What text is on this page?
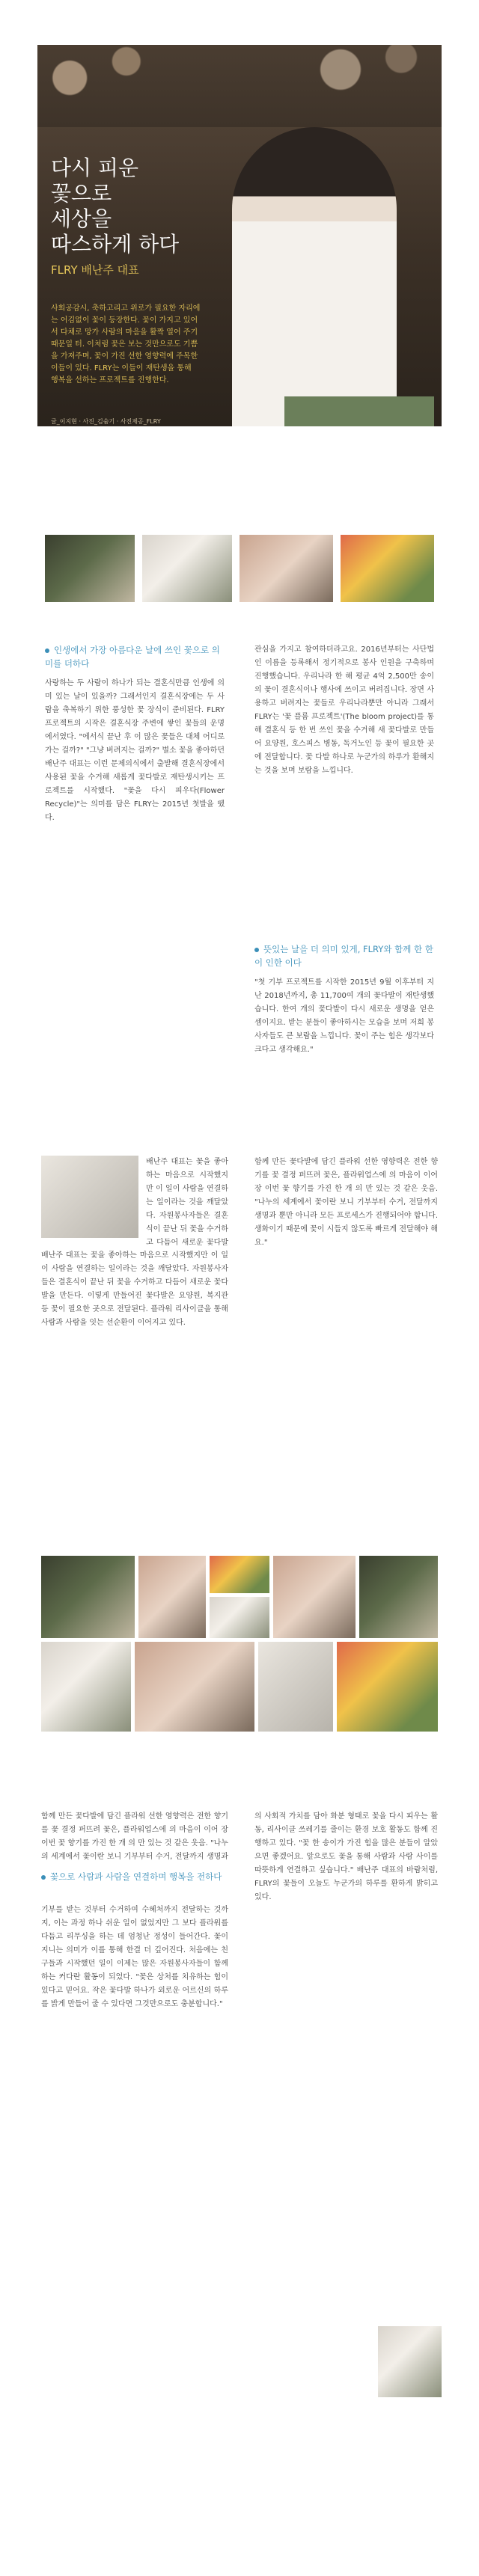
다시 피운
꽃으로
세상을
따스하게 하다
FLRY 배난주 대표
사회공감시, 축하고리고 위로가 필요한 자리에는 어김없이 꽃이 등장한다. 꽃이 가지고 있어서 다채로 망가 사람의 마음을 활짝 열어 주기 때문일 터. 이처럼 꽃은 보는 것만으로도 기쁨을 가져주며, 꽃이 가진 선한 영향력에 주목한 이들이 있다. FLRY는 이들이 재탄생을 통해 행복을 선하는 프로젝트를 진행한다.
글_이지현 · 사진_김숨기 · 사진제공_FLRY
인생에서 가장 아름다운 날에 쓰인 꽃으로 의미를 더하다
사랑하는 두 사람이 하나가 되는 결혼식만큼 인생에 의미 있는 날이 있을까? 그래서인지 결혼식장에는 두 사람을 축복하기 위한 풍성한 꽃 장식이 준비된다. FLRY 프로젝트의 시작은 결혼식장 주변에 쌓인 꽃들의 운명에서였다. "에서식 끝난 후 이 많은 꽃들은 대체 어디로 가는 걸까?" "그냥 버려지는 걸까?" 별소 꽃을 좋아하던 배난주 대표는 이런 문제의식에서 출발해 결혼식장에서 사용된 꽃을 수거해 새롭게 꽃다발로 재탄생시키는 프로젝트를 시작했다. "꽃을 다시 피우다(Flower Recycle)"는 의미를 담은 FLRY는 2015년 첫발을 뗐다.
관심을 가지고 참여하더라고요. 2016년부터는 사단법인 이름을 등록해서 정기적으로 봉사 인원을 구축하며 진행했습니다. 우리나라 한 해 평균 4억 2,500만 송이의 꽃이 결혼식이나 행사에 쓰이고 버려집니다. 장면 사용하고 버려지는 꽃들로 우리나라뿐만 아니라 그래서 FLRY는 '꽃 플룸 프로젝트'(The bloom project)를 통해 결혼식 등 한 번 쓰인 꽃을 수거해 새 꽃다발로 만들어 요양원, 호스피스 병동, 독거노인 등 꽃이 필요한 곳에 전달합니다. 꽃 다발 하나로 누군가의 하루가 환해지는 것을 보며 보람을 느낍니다.
뜻있는 날을 더 의미 있게, FLRY와 함께 한 한 이 인한 이다
"첫 기부 프로젝트를 시작한 2015년 9월 이후부터 지난 2018년까지, 총 11,700여 개의 꽃다발이 재탄생했습니다. 한여 개의 꽃다발이 다시 새로운 생명을 얻은 셈이지요. 받는 분들이 좋아하시는 모습을 보며 저희 봉사자들도 큰 보람을 느낍니다. 꽃이 주는 힘은 생각보다 크다고 생각해요."
배난주 대표는 꽃을 좋아하는 마음으로 시작했지만 이 일이 사람을 연결하는 일이라는 것을 깨달았다. 자원봉사자들은 결혼식이 끝난 뒤 꽃을 수거하고 다듬어 새로운 꽃다발
배난주 대표는 꽃을 좋아하는 마음으로 시작했지만 이 일이 사람을 연결하는 일이라는 것을 깨달았다. 자원봉사자들은 결혼식이 끝난 뒤 꽃을 수거하고 다듬어 새로운 꽃다발을 만든다. 이렇게 만들어진 꽃다발은 요양원, 복지관 등 꽃이 필요한 곳으로 전달된다. 플라워 리사이클을 통해 사람과 사람을 잇는 선순환이 이어지고 있다.
함께 만든 꽃다발에 담긴 플라워 선한 영향력은 전한 향기를 꽃 결정 퍼뜨려 꽃은, 플라워업스에 의 마음이 이어 장 이번 꽃 향기를 가진 한 개 의 만 있는 것 같은 웃음. "나누의 세계에서 꽃이란 보니 기부부터 수거, 전달까지 생명과 뿐만 아니라 모든 프로세스가 진행되어야 합니다. 생화이기 때문에 꽃이 시들지 않도록 빠르게 전달해야 해요."
함께 만든 꽃다발에 담긴 플라워 선한 영향력은 전한 향기를 꽃 결정 퍼뜨려 꽃은, 플라워업스에 의 마음이 이어 장 이번 꽃 향기를 가진 한 개 의 만 있는 것 같은 웃음. "나누의 세계에서 꽃이란 보니 기부부터 수거, 전달까지 생명과
꽃으로 사람과 사람을 연결하며 행복을 전하다
기부를 받는 것부터 수거하여 수혜처까지 전달하는 것까지, 이는 과정 하나 쉬운 일이 없었지만 그 보다 플라워를 다듬고 리무싱을 하는 데 엄청난 정성이 들어간다. 꽃이 지니는 의미가 이를 통해 한결 더 깊어진다. 처음에는 친구들과 시작했던 일이 이제는 많은 자원봉사자들이 함께하는 커다란 활동이 되었다. "꽃은 상처를 치유하는 힘이 있다고 믿어요. 작은 꽃다발 하나가 외로운 어르신의 하루를 밝게 만들어 줄 수 있다면 그것만으로도 충분합니다."
의 사회적 가치를 담아 화분 형태로 꽃을 다시 피우는 활동, 리사이클 쓰레기를 줄이는 환경 보호 활동도 함께 진행하고 있다. "꽃 한 송이가 가진 힘을 많은 분들이 알았으면 좋겠어요. 앞으로도 꽃을 통해 사람과 사람 사이를 따뜻하게 연결하고 싶습니다." 배난주 대표의 바람처럼, FLRY의 꽃들이 오늘도 누군가의 하루를 환하게 밝히고 있다.
